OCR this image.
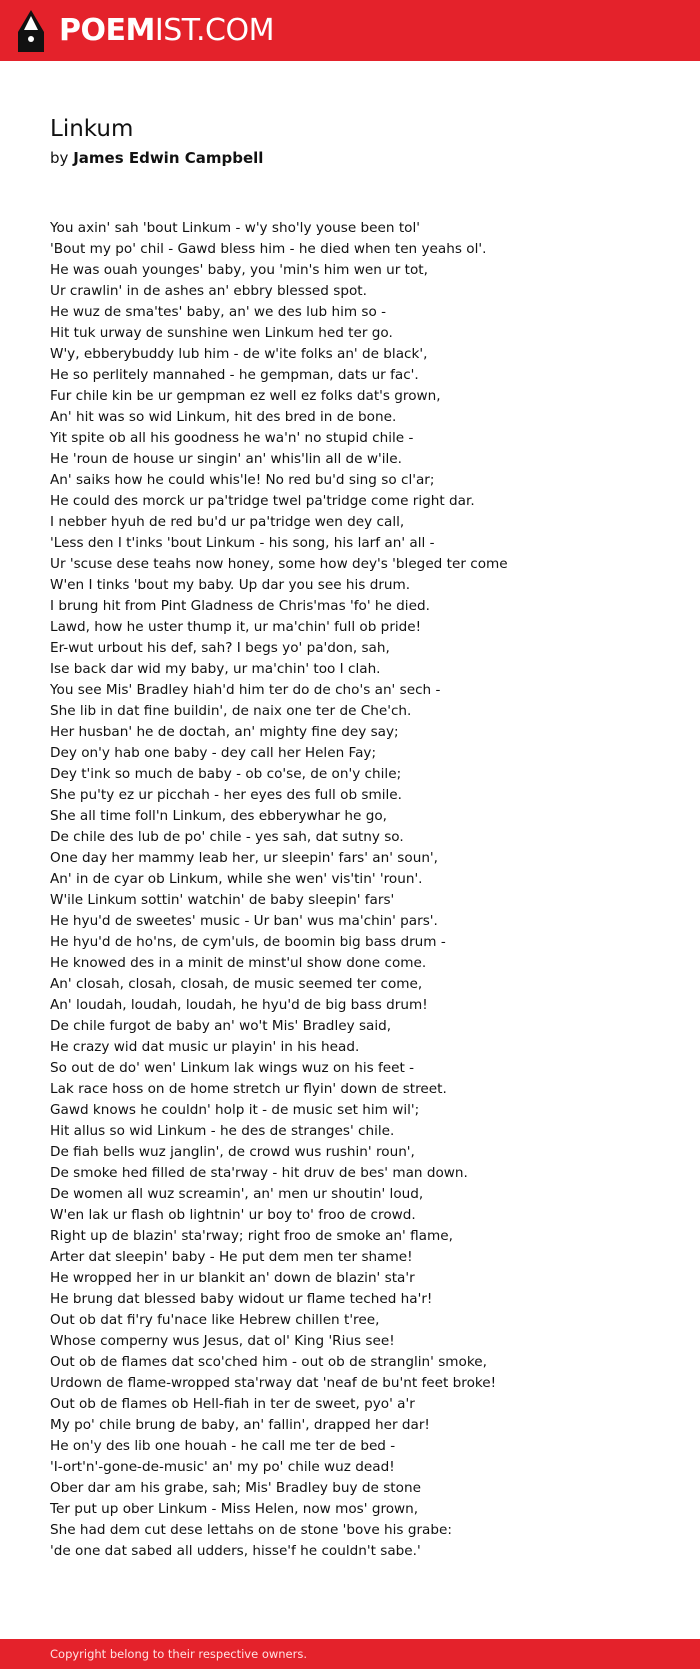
POEMIST.COM
Linkum
by James Edwin Campbell
You axin' sah 'bout Linkum - w'y sho'ly youse been tol'
'Bout my po' chil - Gawd bless him - he died when ten yeahs ol'.
He was ouah younges' baby, you 'min's him wen ur tot,
Ur crawlin' in de ashes an' ebbry blessed spot.
He wuz de sma'tes' baby, an' we des lub him so -
Hit tuk urway de sunshine wen Linkum hed ter go.
W'y, ebberybuddy lub him - de w'ite folks an' de black',
He so perlitely mannahed - he gempman, dats ur fac'.
Fur chile kin be ur gempman ez well ez folks dat's grown,
An' hit was so wid Linkum, hit des bred in de bone.
Yit spite ob all his goodness he wa'n' no stupid chile -
He 'roun de house ur singin' an' whis'lin all de w'ile.
An' saiks how he could whis'le! No red bu'd sing so cl'ar;
He could des morck ur pa'tridge twel pa'tridge come right dar.
I nebber hyuh de red bu'd ur pa'tridge wen dey call,
'Less den I t'inks 'bout Linkum - his song, his larf an' all -
Ur 'scuse dese teahs now honey, some how dey's 'bleged ter come
W'en I tinks 'bout my baby. Up dar you see his drum.
I brung hit from Pint Gladness de Chris'mas 'fo' he died.
Lawd, how he uster thump it, ur ma'chin' full ob pride!
Er-wut urbout his def, sah? I begs yo' pa'don, sah,
Ise back dar wid my baby, ur ma'chin' too I clah.
You see Mis' Bradley hiah'd him ter do de cho's an' sech -
She lib in dat fine buildin', de naix one ter de Che'ch.
Her husban' he de doctah, an' mighty fine dey say;
Dey on'y hab one baby - dey call her Helen Fay;
Dey t'ink so much de baby - ob co'se, de on'y chile;
She pu'ty ez ur picchah - her eyes des full ob smile.
She all time foll'n Linkum, des ebberywhar he go,
De chile des lub de po' chile - yes sah, dat sutny so.
One day her mammy leab her, ur sleepin' fars' an' soun',
An' in de cyar ob Linkum, while she wen' vis'tin' 'roun'.
W'ile Linkum sottin' watchin' de baby sleepin' fars'
He hyu'd de sweetes' music - Ur ban' wus ma'chin' pars'.
He hyu'd de ho'ns, de cym'uls, de boomin big bass drum -
He knowed des in a minit de minst'ul show done come.
An' closah, closah, closah, de music seemed ter come,
An' loudah, loudah, loudah, he hyu'd de big bass drum!
De chile furgot de baby an' wo't Mis' Bradley said,
He crazy wid dat music ur playin' in his head.
So out de do' wen' Linkum lak wings wuz on his feet -
Lak race hoss on de home stretch ur flyin' down de street.
Gawd knows he couldn' holp it - de music set him wil';
Hit allus so wid Linkum - he des de stranges' chile.
De fiah bells wuz janglin', de crowd wus rushin' roun',
De smoke hed filled de sta'rway - hit druv de bes' man down.
De women all wuz screamin', an' men ur shoutin' loud,
W'en lak ur flash ob lightnin' ur boy to' froo de crowd.
Right up de blazin' sta'rway; right froo de smoke an' flame,
Arter dat sleepin' baby - He put dem men ter shame!
He wropped her in ur blankit an' down de blazin' sta'r
He brung dat blessed baby widout ur flame teched ha'r!
Out ob dat fi'ry fu'nace like Hebrew chillen t'ree,
Whose comperny wus Jesus, dat ol' King 'Rius see!
Out ob de flames dat sco'ched him - out ob de stranglin' smoke,
Urdown de flame-wropped sta'rway dat 'neaf de bu'nt feet broke!
Out ob de flames ob Hell-fiah in ter de sweet, pyo' a'r
My po' chile brung de baby, an' fallin', drapped her dar!
He on'y des lib one houah - he call me ter de bed -
'I-ort'n'-gone-de-music' an' my po' chile wuz dead!
Ober dar am his grabe, sah; Mis' Bradley buy de stone
Ter put up ober Linkum - Miss Helen, now mos' grown,
She had dem cut dese lettahs on de stone 'bove his grabe:
'de one dat sabed all udders, hisse'f he couldn't sabe.'
Copyright belong to their respective owners.
